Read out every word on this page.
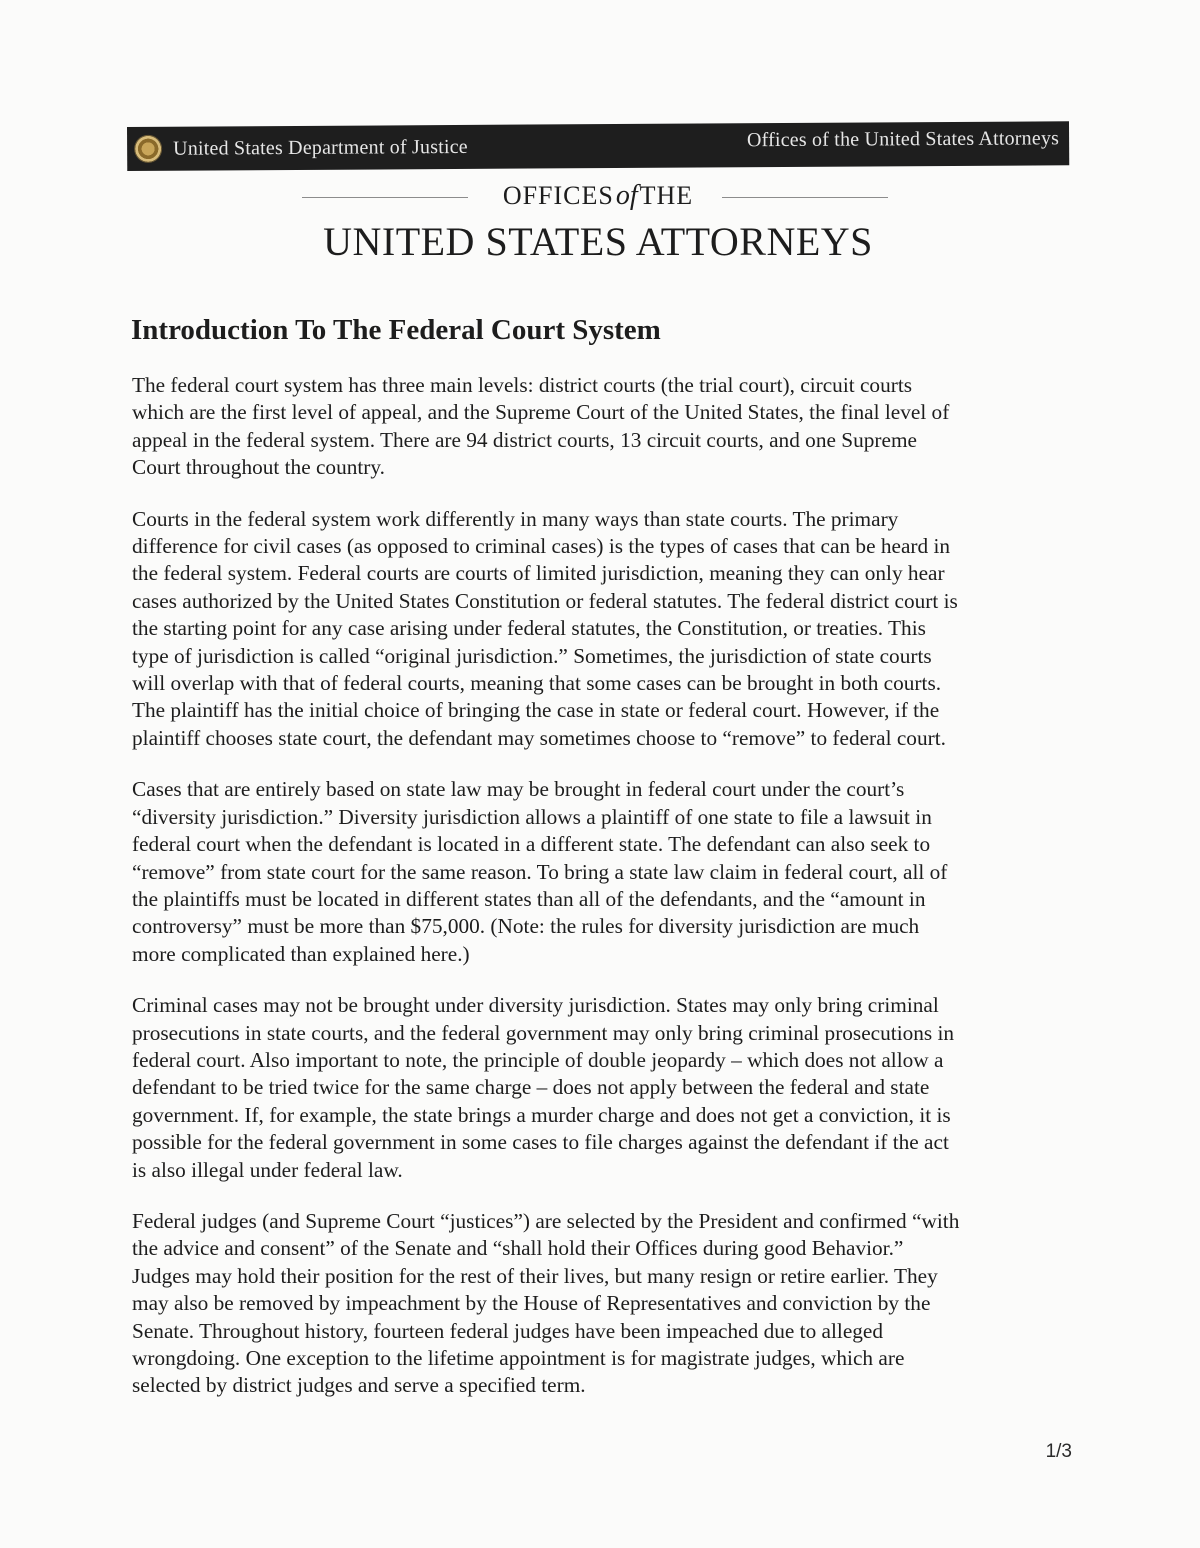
United States Department of Justice	Offices of the United States Attorneys
OFFICESofTHE
UNITED STATES ATTORNEYS
Introduction To The Federal Court System

The federal court system has three main levels: district courts (the trial court), circuit courts
which are the first level of appeal, and the Supreme Court of the United States, the final level of
appeal in the federal system. There are 94 district courts, 13 circuit courts, and one Supreme
Court throughout the country.

Courts in the federal system work differently in many ways than state courts. The primary
difference for civil cases (as opposed to criminal cases) is the types of cases that can be heard in
the federal system. Federal courts are courts of limited jurisdiction, meaning they can only hear
cases authorized by the United States Constitution or federal statutes. The federal district court is
the starting point for any case arising under federal statutes, the Constitution, or treaties. This
type of jurisdiction is called “original jurisdiction.” Sometimes, the jurisdiction of state courts
will overlap with that of federal courts, meaning that some cases can be brought in both courts.
The plaintiff has the initial choice of bringing the case in state or federal court. However, if the
plaintiff chooses state court, the defendant may sometimes choose to “remove” to federal court.

Cases that are entirely based on state law may be brought in federal court under the court’s
“diversity jurisdiction.” Diversity jurisdiction allows a plaintiff of one state to file a lawsuit in
federal court when the defendant is located in a different state. The defendant can also seek to
“remove” from state court for the same reason. To bring a state law claim in federal court, all of
the plaintiffs must be located in different states than all of the defendants, and the “amount in
controversy” must be more than $75,000. (Note: the rules for diversity jurisdiction are much
more complicated than explained here.)

Criminal cases may not be brought under diversity jurisdiction. States may only bring criminal
prosecutions in state courts, and the federal government may only bring criminal prosecutions in
federal court. Also important to note, the principle of double jeopardy – which does not allow a
defendant to be tried twice for the same charge – does not apply between the federal and state
government. If, for example, the state brings a murder charge and does not get a conviction, it is
possible for the federal government in some cases to file charges against the defendant if the act
is also illegal under federal law.

Federal judges (and Supreme Court “justices”) are selected by the President and confirmed “with
the advice and consent” of the Senate and “shall hold their Offices during good Behavior.”
Judges may hold their position for the rest of their lives, but many resign or retire earlier. They
may also be removed by impeachment by the House of Representatives and conviction by the
Senate. Throughout history, fourteen federal judges have been impeached due to alleged
wrongdoing. One exception to the lifetime appointment is for magistrate judges, which are
selected by district judges and serve a specified term.

1/3
